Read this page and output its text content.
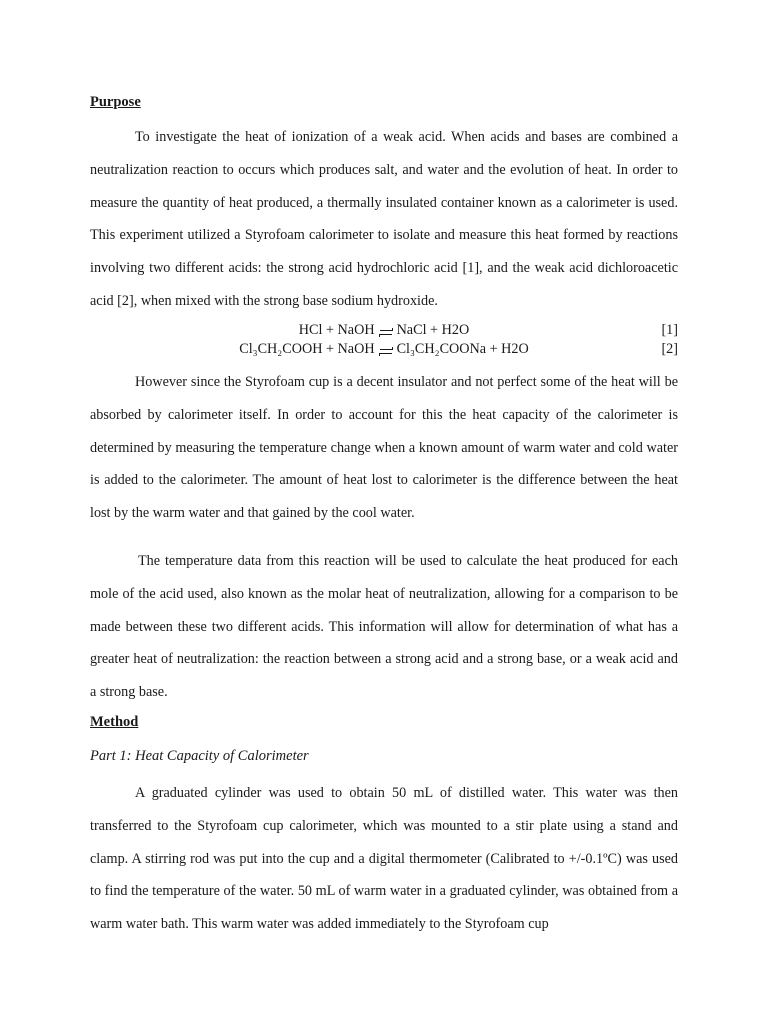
Purpose

To investigate the heat of ionization of a weak acid. When acids and bases are combined a neutralization reaction to occurs which produces salt, and water and the evolution of heat. In order to measure the quantity of heat produced, a thermally insulated container known as a calorimeter is used. This experiment utilized a Styrofoam calorimeter to isolate and measure this heat formed by reactions involving two different acids: the strong acid hydrochloric acid [1], and the weak acid dichloroacetic acid [2], when mixed with the strong base sodium hydroxide.

HCl + NaOH NaCl + H2O	[1]
Cl₃CH₂COOH + NaOH Cl₃CH₂COONa + H2O	[2]

However since the Styrofoam cup is a decent insulator and not perfect some of the heat will be absorbed by calorimeter itself. In order to account for this the heat capacity of the calorimeter is determined by measuring the temperature change when a known amount of warm water and cold water is added to the calorimeter. The amount of heat lost to calorimeter is the difference between the heat lost by the warm water and that gained by the cool water.

The temperature data from this reaction will be used to calculate the heat produced for each mole of the acid used, also known as the molar heat of neutralization, allowing for a comparison to be made between these two different acids. This information will allow for determination of what has a greater heat of neutralization: the reaction between a strong acid and a strong base, or a weak acid and a strong base.

Method
Part 1: Heat Capacity of Calorimeter

A graduated cylinder was used to obtain 50 mL of distilled water. This water was then transferred to the Styrofoam cup calorimeter, which was mounted to a stir plate using a stand and clamp. A stirring rod was put into the cup and a digital thermometer (Calibrated to +/-0.1ºC) was used to find the temperature of the water. 50 mL of warm water in a graduated cylinder, was obtained from a warm water bath. This warm water was added immediately to the Styrofoam cup
